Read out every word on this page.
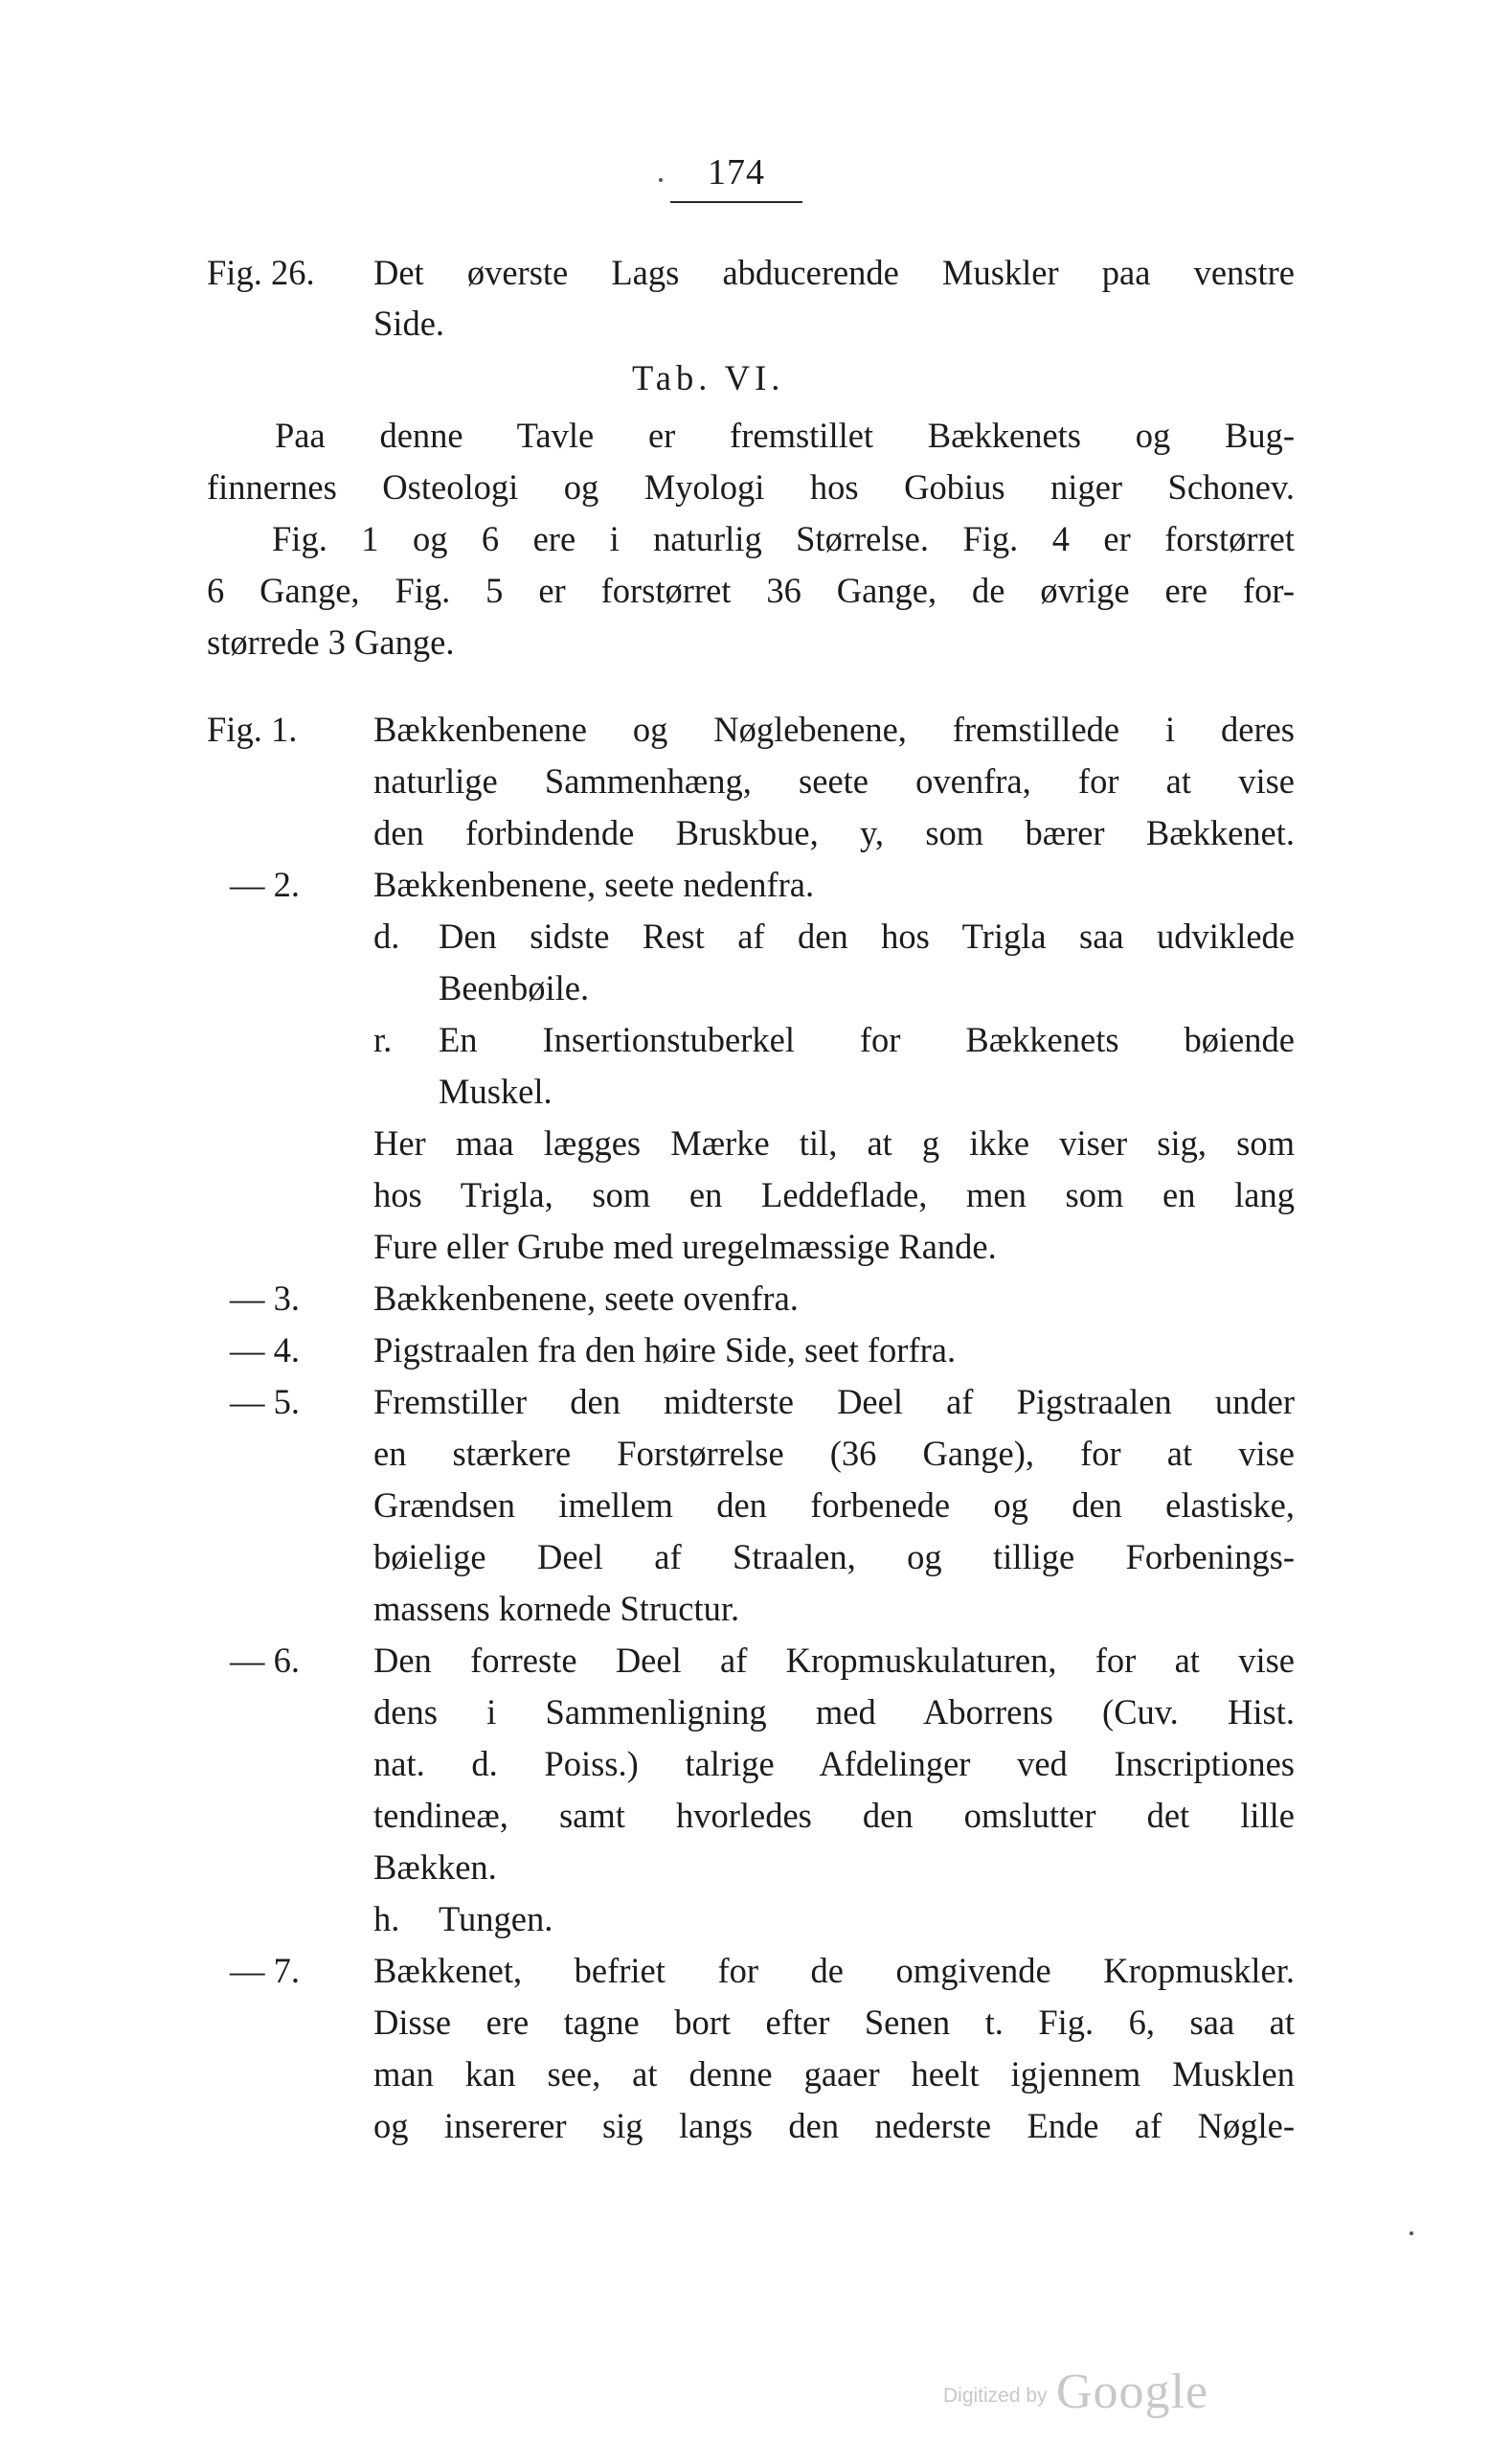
174
Fig. 26. Det øverste Lags abducerende Muskler paa venstre
Side.
Tab. VI.
Paa denne Tavle er fremstillet Bækkenets og Bug-
finnernes Osteologi og Myologi hos Gobius niger Schonev.
Fig. 1 og 6 ere i naturlig Størrelse. Fig. 4 er forstørret
6 Gange, Fig. 5 er forstørret 36 Gange, de øvrige ere for-
størrede 3 Gange.
Fig. 1. Bækkenbenene og Nøglebenene, fremstillede i deres
naturlige Sammenhæng, seete ovenfra, for at vise
den forbindende Bruskbue, y, som bærer Bækkenet.
— 2. Bækkenbenene, seete nedenfra.
d. Den sidste Rest af den hos Trigla saa udviklede
Beenbøile.
r. En Insertionstuberkel for Bækkenets bøiende
Muskel.
Her maa lægges Mærke til, at g ikke viser sig, som
hos Trigla, som en Leddeflade, men som en lang
Fure eller Grube med uregelmæssige Rande.
— 3. Bækkenbenene, seete ovenfra.
— 4. Pigstraalen fra den høire Side, seet forfra.
— 5. Fremstiller den midterste Deel af Pigstraalen under
en stærkere Forstørrelse (36 Gange), for at vise
Grændsen imellem den forbenede og den elastiske,
bøielige Deel af Straalen, og tillige Forbenings-
massens kornede Structur.
— 6. Den forreste Deel af Kropmuskulaturen, for at vise
dens i Sammenligning med Aborrens (Cuv. Hist.
nat. d. Poiss.) talrige Afdelinger ved Inscriptiones
tendineæ, samt hvorledes den omslutter det lille
Bækken.
h. Tungen.
— 7. Bækkenet, befriet for de omgivende Kropmuskler.
Disse ere tagne bort efter Senen t. Fig. 6, saa at
man kan see, at denne gaaer heelt igjennem Musklen
og insererer sig langs den nederste Ende af Nøgle-
Digitized by Google
